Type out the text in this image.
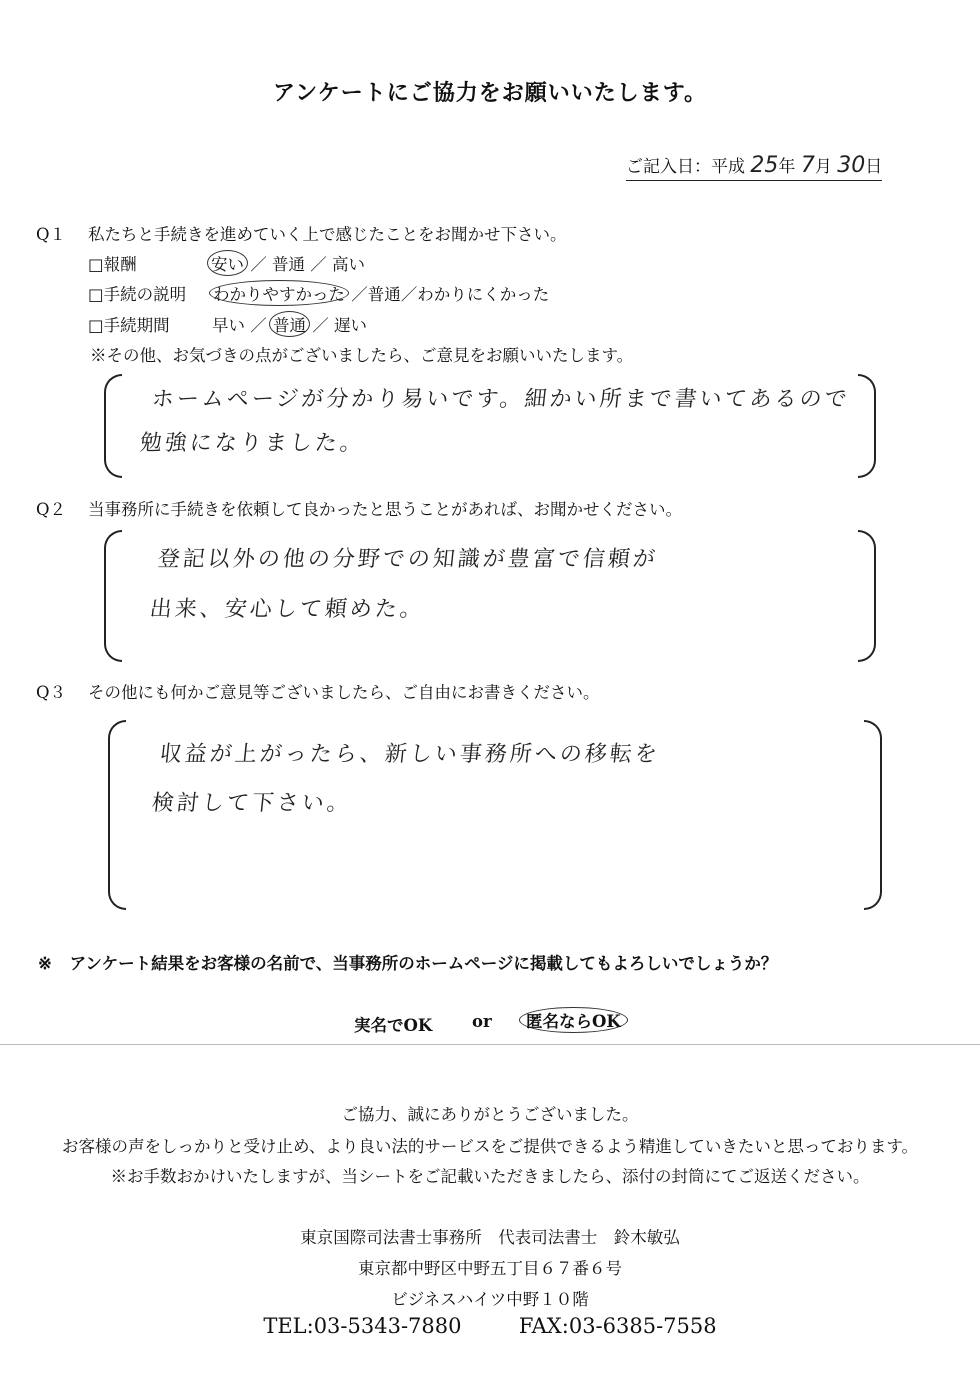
アンケートにご協力をお願いいたします。
ご記入日：平成 25年 7月 30日
Q１ 私たちと手続きを進めていく上で感じたことをお聞かせ下さい。
□報酬	安い ／ 普通 ／ 高い
□手続の説明 わかりやすかった ／普通／わかりにくかった
□手続期間	早い ／ 普通 ／ 遅い
※その他、お気づきの点がございましたら、ご意見をお願いいたします。
ホームページが分かり易いです。細かい所まで書いてあるので
勉強になりました。
Q２ 当事務所に手続きを依頼して良かったと思うことがあれば、お聞かせください。
登記以外の他の分野での知識が豊富で信頼が
出来、安心して頼めた。
Q３ その他にも何かご意見等ございましたら、ご自由にお書きください。
収益が上がったら、新しい事務所への移転を
検討して下さい。
※ アンケート結果をお客様の名前で、当事務所のホームページに掲載してもよろしいでしょうか？
実名でOK or 匿名ならOK
ご協力、誠にありがとうございました。
お客様の声をしっかりと受け止め、より良い法的サービスをご提供できるよう精進していきたいと思っております。
※お手数おかけいたしますが、当シートをご記載いただきましたら、添付の封筒にてご返送ください。
東京国際司法書士事務所　代表司法書士　鈴木敏弘
東京都中野区中野五丁目６７番６号
ビジネスハイツ中野１０階
TEL:03-5343-7880	FAX:03-6385-7558
